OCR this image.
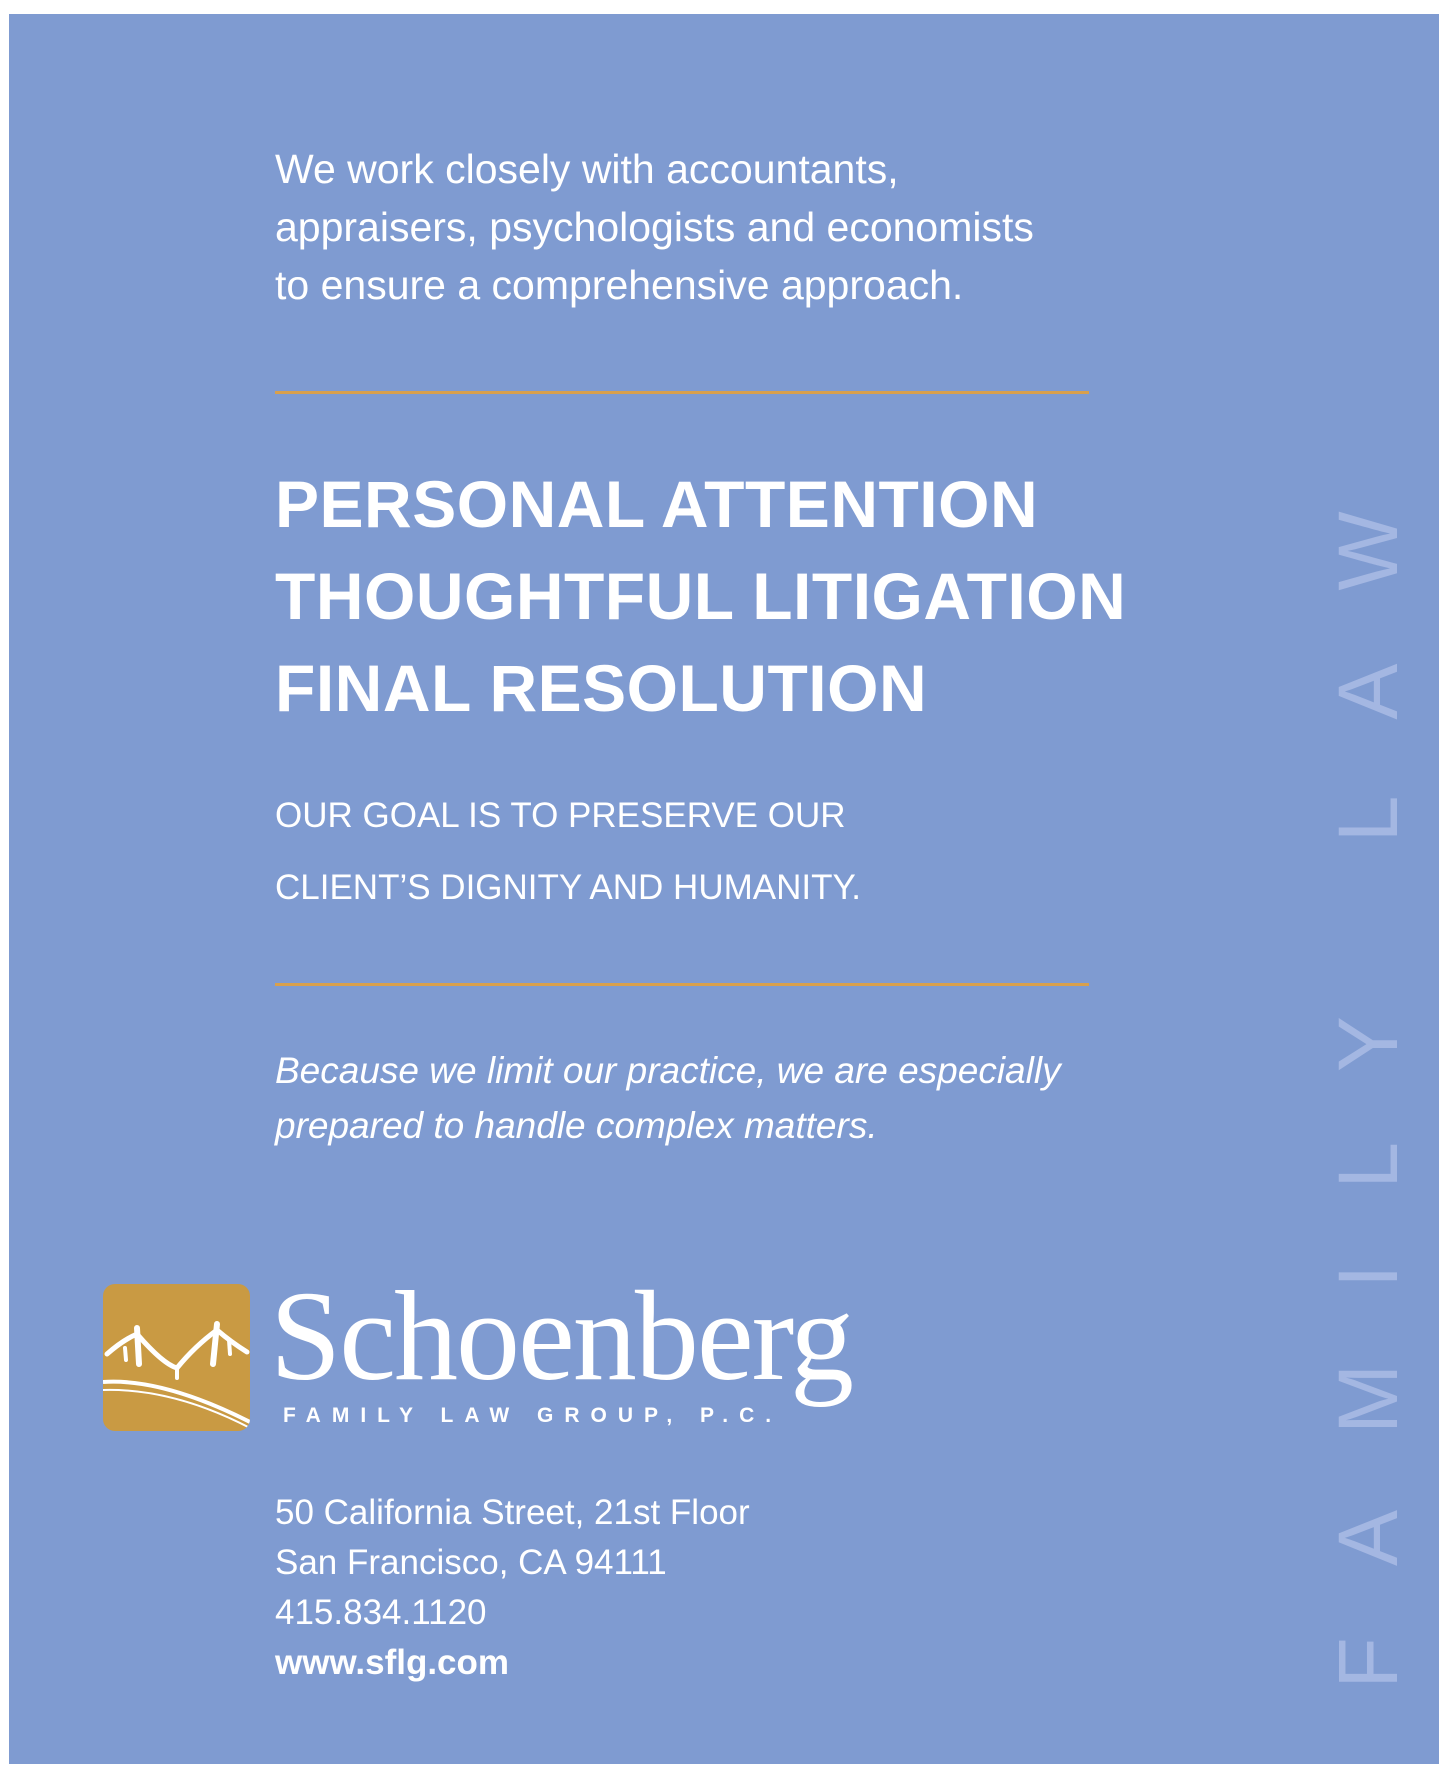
We work closely with accountants,
appraisers, psychologists and economists
to ensure a comprehensive approach.
PERSONAL ATTENTION
THOUGHTFUL LITIGATION
FINAL RESOLUTION
OUR GOAL IS TO PRESERVE OUR
CLIENT’S DIGNITY AND HUMANITY.
Because we limit our practice, we are especially
prepared to handle complex matters.
Schoenberg
FAMILY LAW GROUP, P.C.
50 California Street, 21st Floor
San Francisco, CA 94111
415.834.1120
www.sflg.com	FAMILY LAW
